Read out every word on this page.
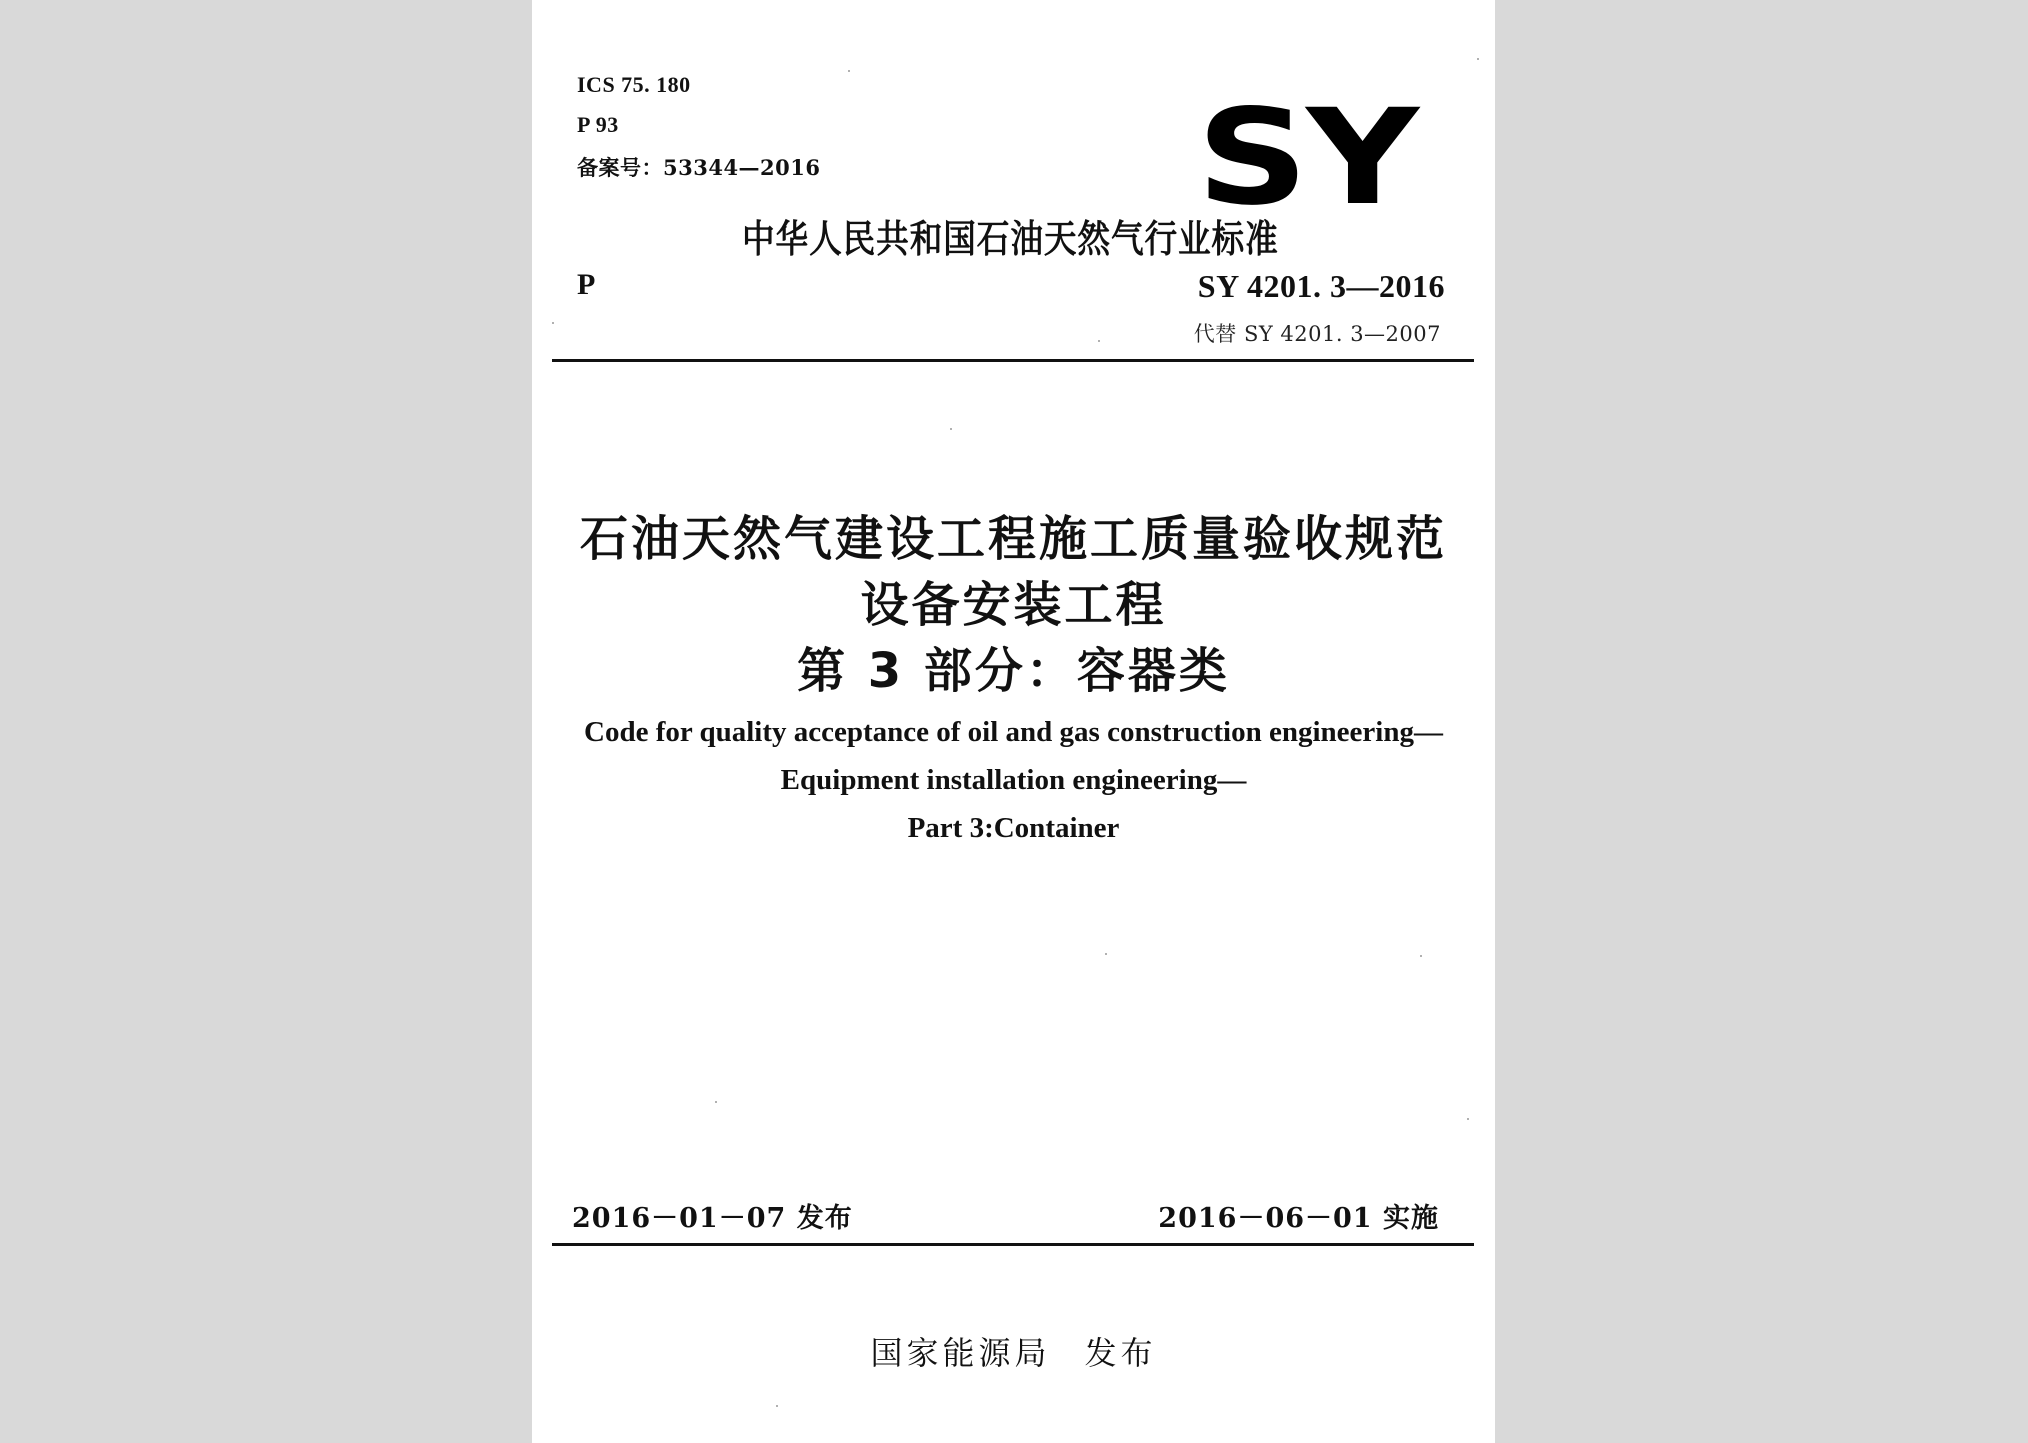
ICS 75. 180
P 93
备案号：53344—2016	SY
中华人民共和国石油天然气行业标准
P	SY 4201. 3—2016
代替 SY 4201. 3—2007
石油天然气建设工程施工质量验收规范
设备安装工程
第 3 部分：容器类
Code for quality acceptance of oil and gas construction engineering—
Equipment installation engineering—
Part 3:Container
2016－01－07 发布	2016－06－01 实施
国家能源局 发布
